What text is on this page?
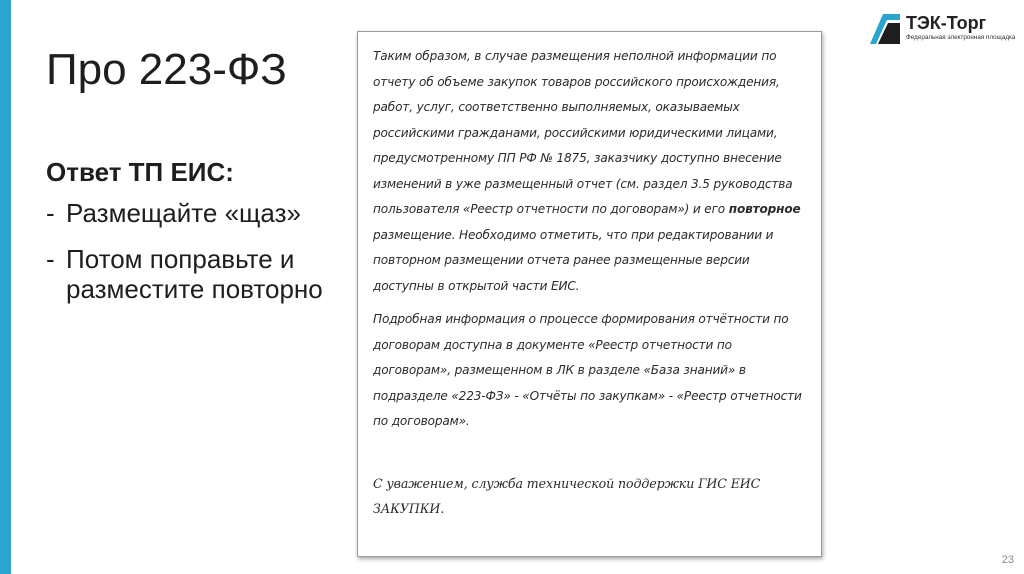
Про 223-ФЗ
ТЭК-Торг
Федеральная электронная площадка
Ответ ТП ЕИС:
- Размещайте «щаз»
- Потом поправьте и разместите повторно

Таким образом, в случае размещения неполной информации по отчету об объеме закупок товаров российского происхождения, работ, услуг, соответственно выполняемых, оказываемых российскими гражданами, российскими юридическими лицами, предусмотренному ПП РФ № 1875, заказчику доступно внесение изменений в уже размещенный отчет (см. раздел 3.5 руководства пользователя «Реестр отчетности по договорам») и его повторное размещение. Необходимо отметить, что при редактировании и повторном размещении отчета ранее размещенные версии доступны в открытой части ЕИС.

Подробная информация о процессе формирования отчётности по договорам доступна в документе «Реестр отчетности по договорам», размещенном в ЛК в разделе «База знаний» в подразделе «223-ФЗ» - «Отчёты по закупкам» - «Реестр отчетности по договорам».

С уважением, служба технической поддержки ГИС ЕИС ЗАКУПКИ.

23
